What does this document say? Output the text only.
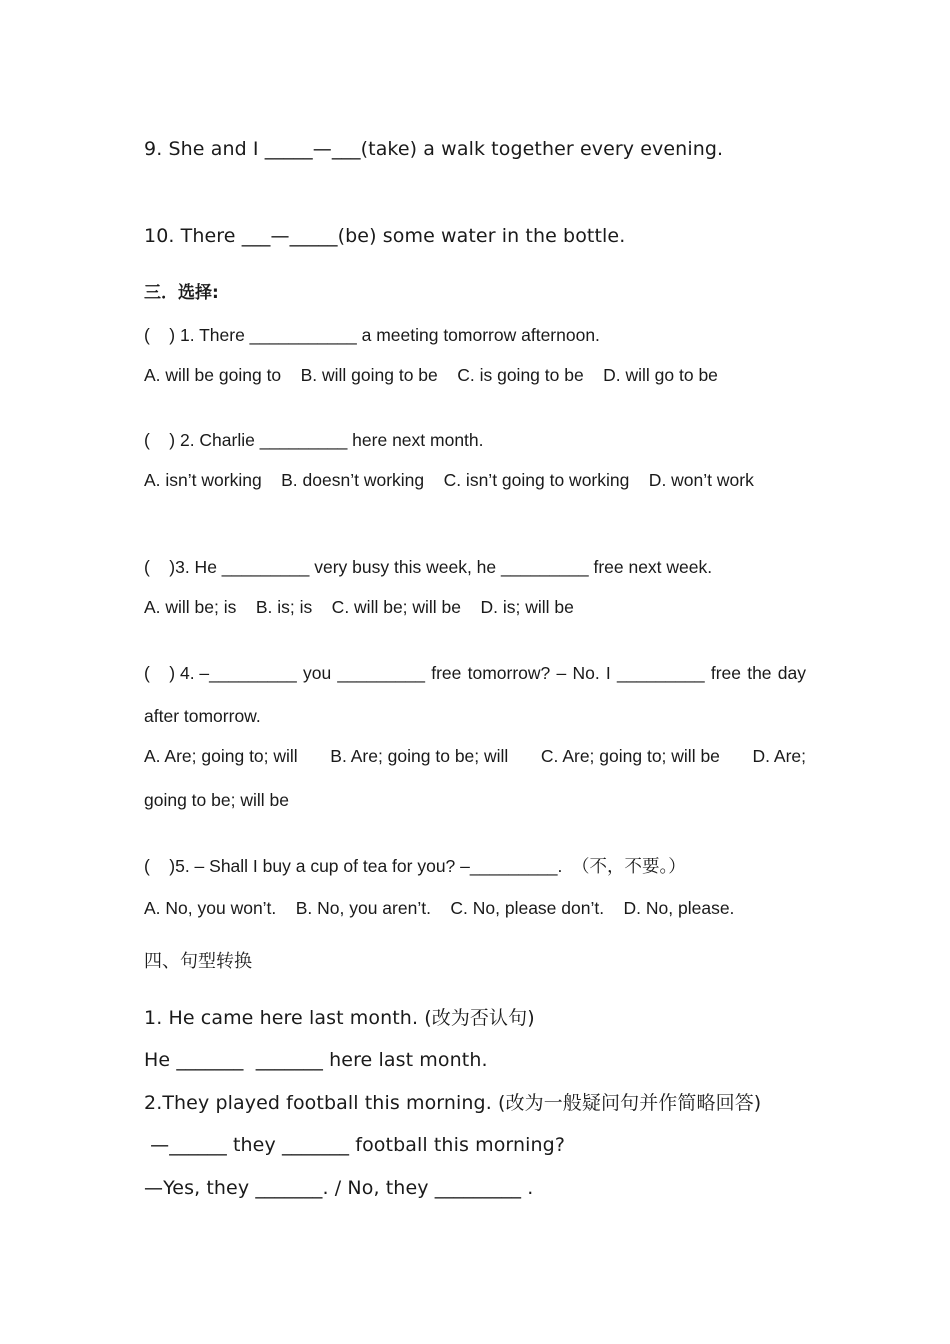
9. She and I _____—___(take) a walk together every evening.
10. There ___—_____(be) some water in the bottle.
三．选择:
(    ) 1. There ___________ a meeting tomorrow afternoon.
A. will be going to    B. will going to be    C. is going to be    D. will go to be
(    ) 2. Charlie _________ here next month.
A. isn’t working    B. doesn’t working    C. isn’t going to working    D. won’t work
(    )3. He _________ very busy this week, he _________ free next week.
A. will be; is    B. is; is    C. will be; will be    D. is; will be
(    ) 4. –_________ you _________ free tomorrow? – No. I _________ free the day
after tomorrow.
A. Are; going to; will B. Are; going to be; will C. Are; going to; will be D. Are;
going to be; will be
(    )5. – Shall I buy a cup of tea for you? –_________.  （不，不要。）
A. No, you won’t.    B. No, you aren’t.    C. No, please don’t.    D. No, please.
四、句型转换
1. He came here last month. (改为否认句)
He _______  _______ here last month.
2.They played football this morning. (改为一般疑问句并作简略回答)
—______ they _______ football this morning?
—Yes, they _______. / No, they _________ .
